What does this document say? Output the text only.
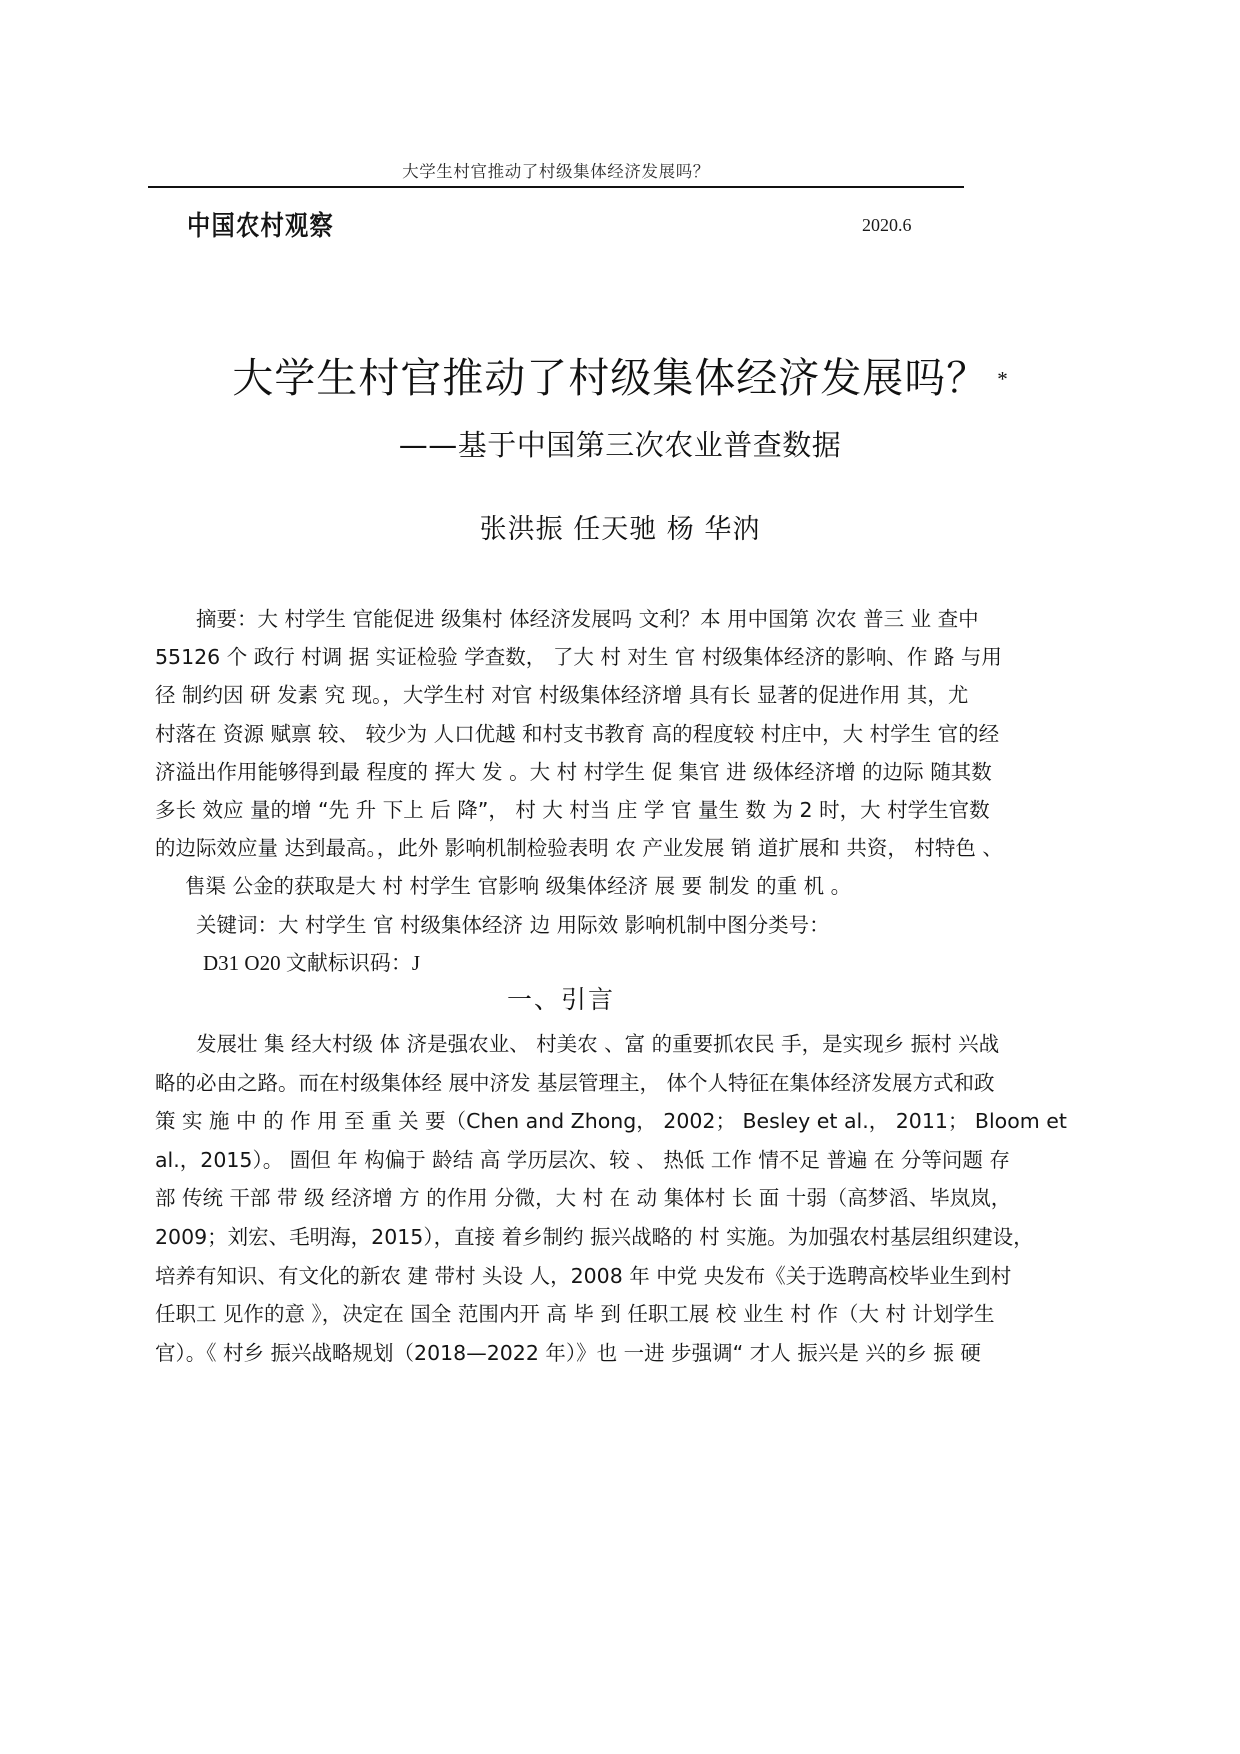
大学生村官推动了村级集体经济发展吗？
中国农村观察	2020.6
大学生村官推动了村级集体经济发展吗？ *
——基于中国第三次农业普查数据
张洪振 任天驰 杨 华汭
摘要：大 村学生 官能促进 级集村 体经济发展吗 文利？本 用中国第 次农 普三 业 查中
55126 个 政行 村调 据 实证检验 学查数， 了大 村 对生 官 村级集体经济的影响、作 路 与用
径 制约因 研 发素 究 现。，大学生村 对官 村级集体经济增 具有长 显著的促进作用 其，尤
村落在 资源 赋禀 较、 较少为 人口优越 和村支书教育 高的程度较 村庄中，大 村学生 官的经
济溢出作用能够得到最 程度的 挥大 发 。大 村 村学生 促 集官 进 级体经济增 的边际 随其数
多长 效应 量的增 “先 升 下上 后 降”， 村 大 村当 庄 学 官 量生 数 为 2 时，大 村学生官数
的边际效应量 达到最高。，此外 影响机制检验表明 农 产业发展 销 道扩展和 共资， 村特色 、
售渠 公金的获取是大 村 村学生 官影响 级集体经济 展 要 制发 的重 机 。
关键词：大 村学生 官 村级集体经济 边 用际效 影响机制中图分类号：
D31 O20 文献标识码：J
一、引言
发展壮 集 经大村级 体 济是强农业、 村美农 、富 的重要抓农民 手，是实现乡 振村 兴战
略的必由之路。而在村级集体经 展中济发 基层管理主， 体个人特征在集体经济发展方式和政
策 实 施 中 的 作 用 至 重 关 要（Chen and Zhong， 2002； Besley et al.， 2011； Bloom et
al.，2015）。 圄但 年 构偏于 龄结 高 学历层次、较 、 热低 工作 情不足 普遍 在 分等问题 存
部 传统 干部 带 级 经济增 方 的作用 分微，大 村 在 动 集体村 长 面 十弱（高梦滔、毕岚岚，
2009；刘宏、毛明海，2015），直接 着乡制约 振兴战略的 村 实施。为加强农村基层组织建设，
培养有知识、有文化的新农 建 带村 头设 人，2008 年 中党 央发布《关于选聘高校毕业生到村
任职工 见作的意 》，决定在 国全 范围内开 高 毕 到 任职工展 校 业生 村 作（大 村 计划学生
官）。《 村乡 振兴战略规划（2018—2022 年）》也 一进 步强调“ 才人 振兴是 兴的乡 振 硬
